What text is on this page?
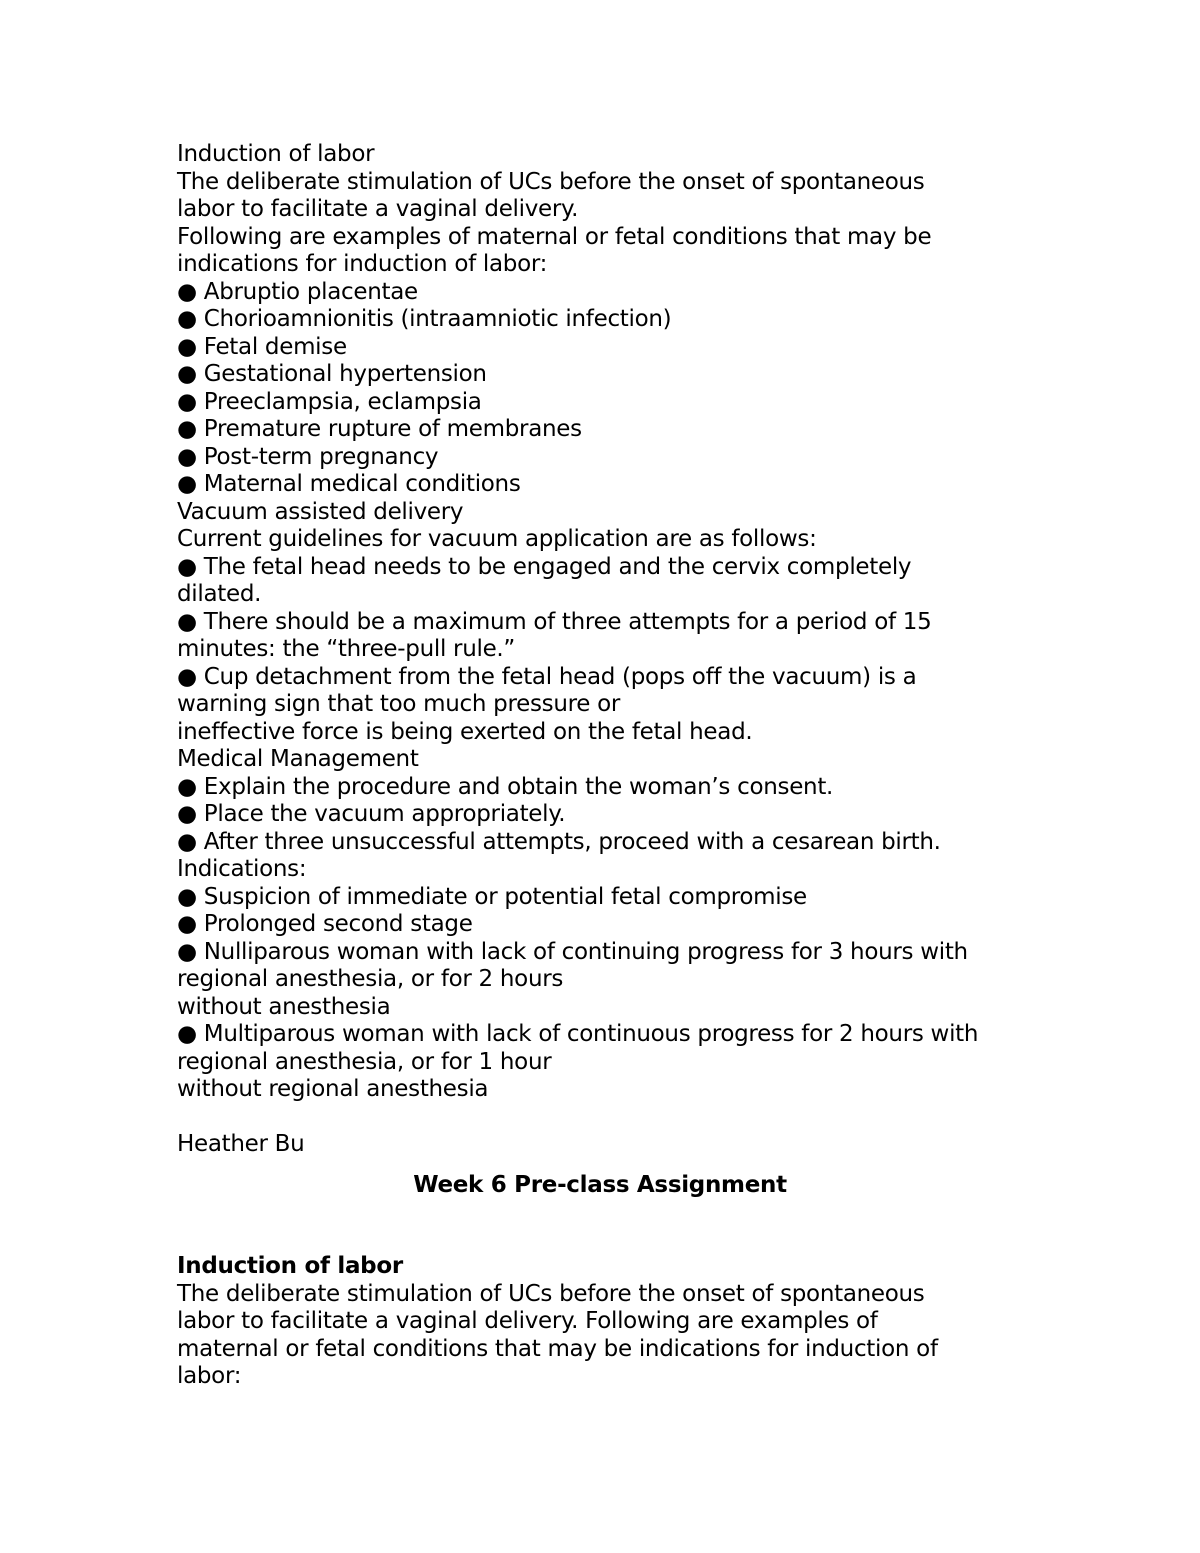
Induction of labor
The deliberate stimulation of UCs before the onset of spontaneous
labor to facilitate a vaginal delivery.
Following are examples of maternal or fetal conditions that may be
indications for induction of labor:
● Abruptio placentae
● Chorioamnionitis (intraamniotic infection)
● Fetal demise
● Gestational hypertension
● Preeclampsia, eclampsia
● Premature rupture of membranes
● Post-term pregnancy
● Maternal medical conditions
Vacuum assisted delivery
Current guidelines for vacuum application are as follows:
● The fetal head needs to be engaged and the cervix completely
dilated.
● There should be a maximum of three attempts for a period of 15
minutes: the “three-pull rule.”
● Cup detachment from the fetal head (pops off the vacuum) is a
warning sign that too much pressure or
ineffective force is being exerted on the fetal head.
Medical Management
● Explain the procedure and obtain the woman’s consent.
● Place the vacuum appropriately.
● After three unsuccessful attempts, proceed with a cesarean birth.
Indications:
● Suspicion of immediate or potential fetal compromise
● Prolonged second stage
● Nulliparous woman with lack of continuing progress for 3 hours with
regional anesthesia, or for 2 hours
without anesthesia
● Multiparous woman with lack of continuous progress for 2 hours with
regional anesthesia, or for 1 hour
without regional anesthesia
Heather Bu
Week 6 Pre-class Assignment
Induction of labor
The deliberate stimulation of UCs before the onset of spontaneous
labor to facilitate a vaginal delivery. Following are examples of
maternal or fetal conditions that may be indications for induction of
labor:
